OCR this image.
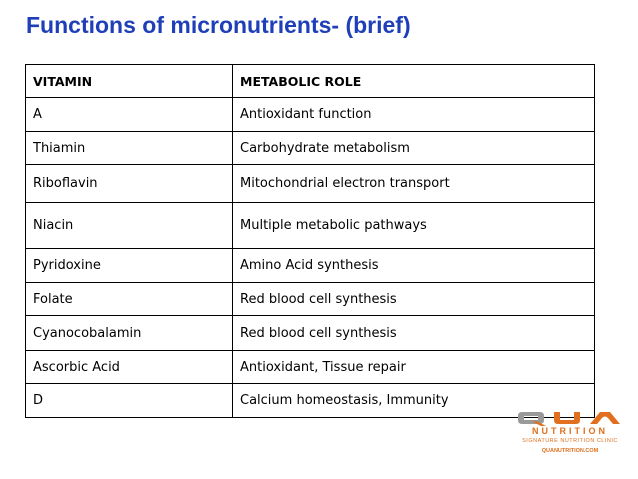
Functions of micronutrients- (brief)
VITAMIN	METABOLIC ROLE
A	Antioxidant function
Thiamin	Carbohydrate metabolism
Riboflavin	Mitochondrial electron transport
Niacin	Multiple metabolic pathways
Pyridoxine	Amino Acid synthesis
Folate	Red blood cell synthesis
Cyanocobalamin	Red blood cell synthesis
Ascorbic Acid	Antioxidant, Tissue repair
D	Calcium homeostasis, Immunity
NUTRITION
SIGNATURE NUTRITION CLINIC
QUANUTRITION.COM
